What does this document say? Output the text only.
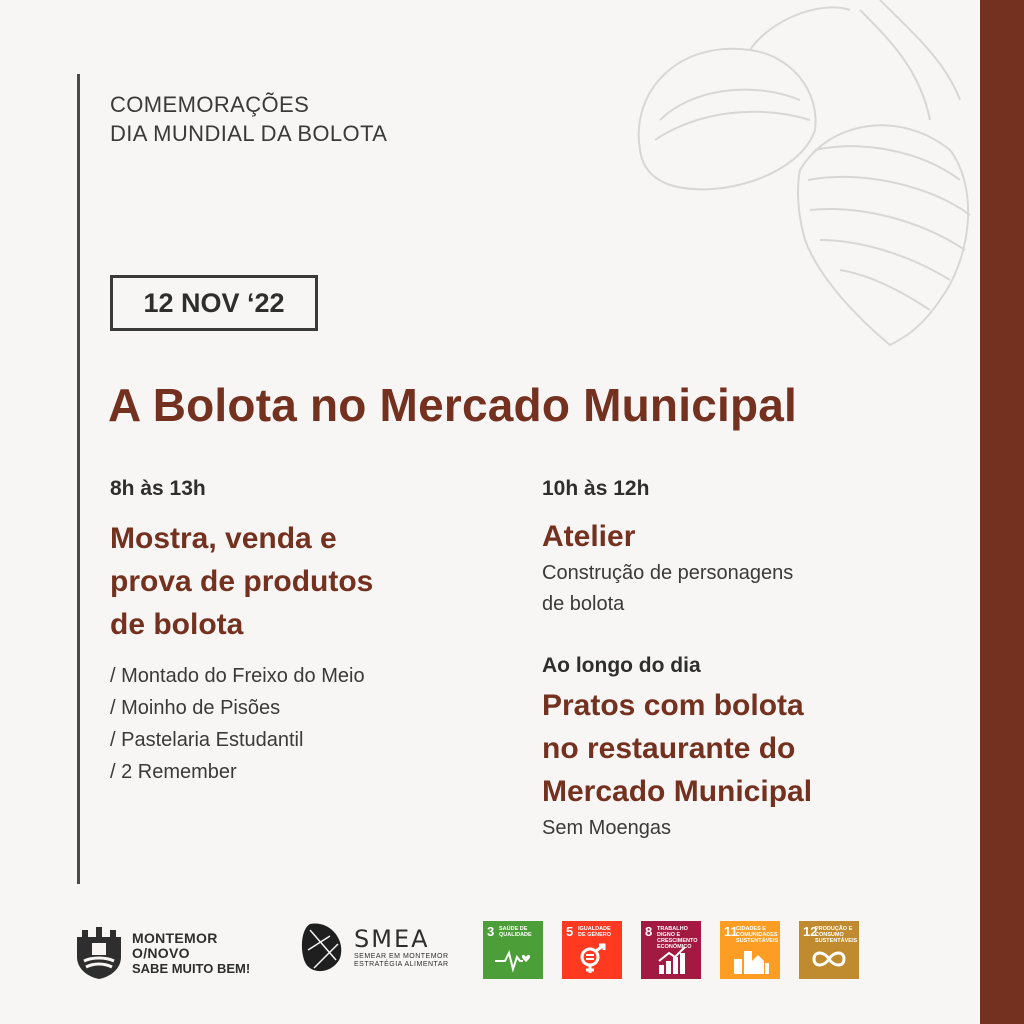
COMEMORAÇÕES
DIA MUNDIAL DA BOLOTA
12 NOV ‘22
A Bolota no Mercado Municipal
8h às 13h
Mostra, venda e
prova de produtos
de bolota
/ Montado do Freixo do Meio
/ Moinho de Pisões
/ Pastelaria Estudantil
/ 2 Remember
10h às 12h
Atelier
Construção de personagens
de bolota
Ao longo do dia
Pratos com bolota
no restaurante do
Mercado Municipal
Sem Moengas
MONTEMOR
O/NOVO
SABE MUITO BEM!
SMEA
SEMEAR EM MONTEMOR
ESTRATÉGIA ALIMENTAR
3 SAÚDE DE QUALIDADE	5 IGUALDADE DE GÉNERO	8 TRABALHO DIGNO E CRESCIMENTO ECONÓMICO
11
CIDADES E COMUNIDADES SUSTENTÁVEIS
12
PRODUÇÃO E CONSUMO SUSTENTÁVEIS
